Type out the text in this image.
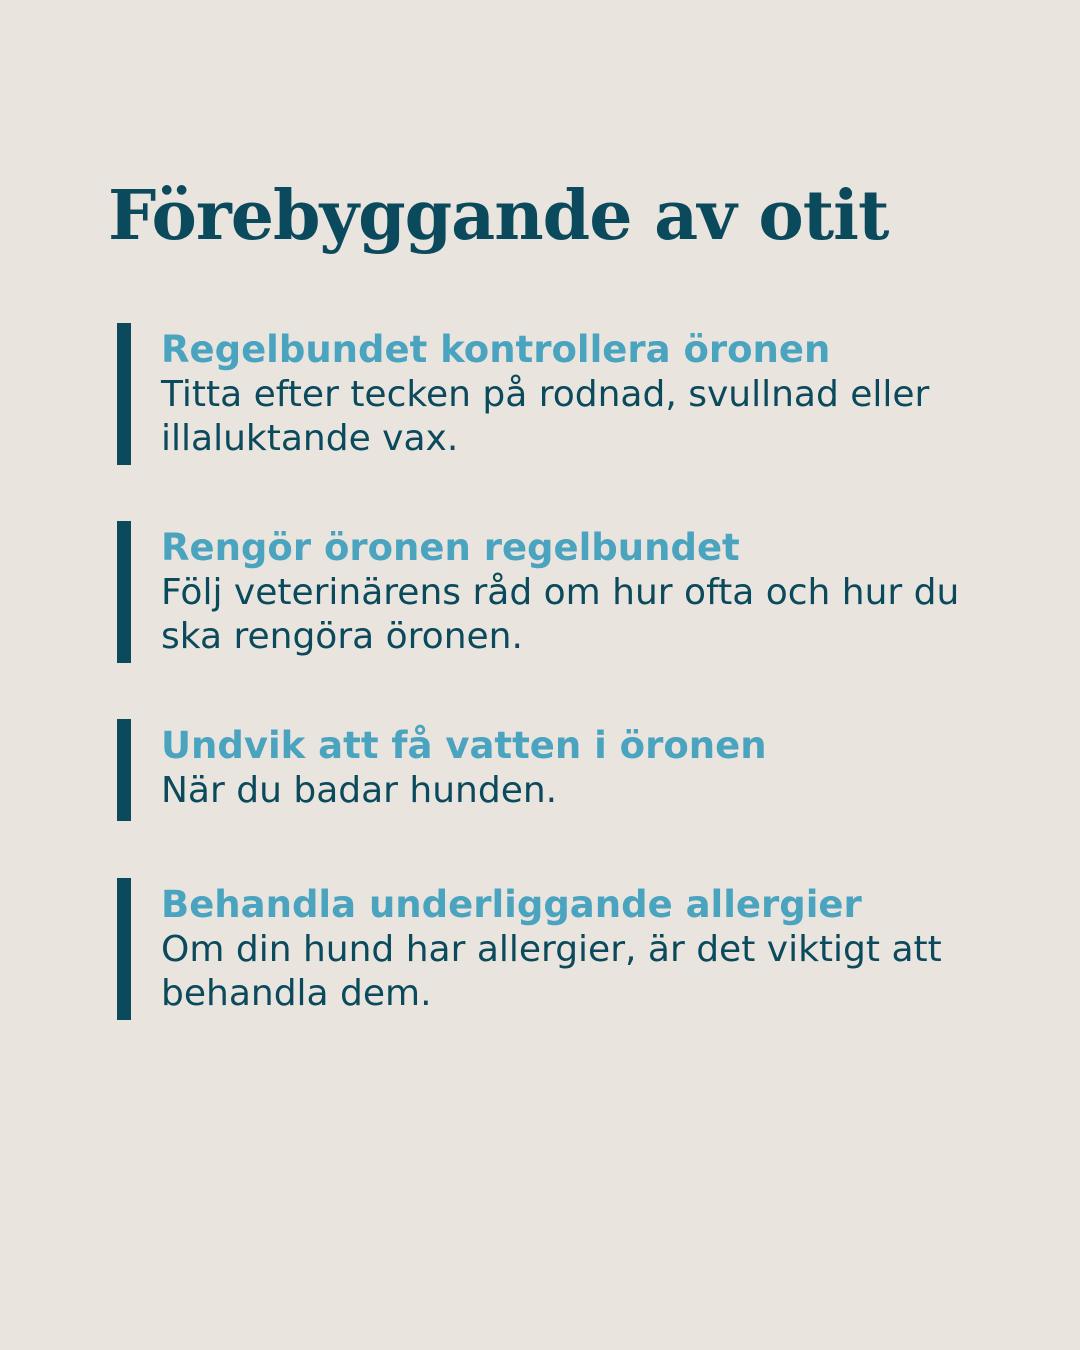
Förebyggande av otit
Regelbundet kontrollera öronen
Titta efter tecken på rodnad, svullnad eller illaluktande vax.
Rengör öronen regelbundet
Följ veterinärens råd om hur ofta och hur du ska rengöra öronen.
Undvik att få vatten i öronen
När du badar hunden.
Behandla underliggande allergier
Om din hund har allergier, är det viktigt att behandla dem.
